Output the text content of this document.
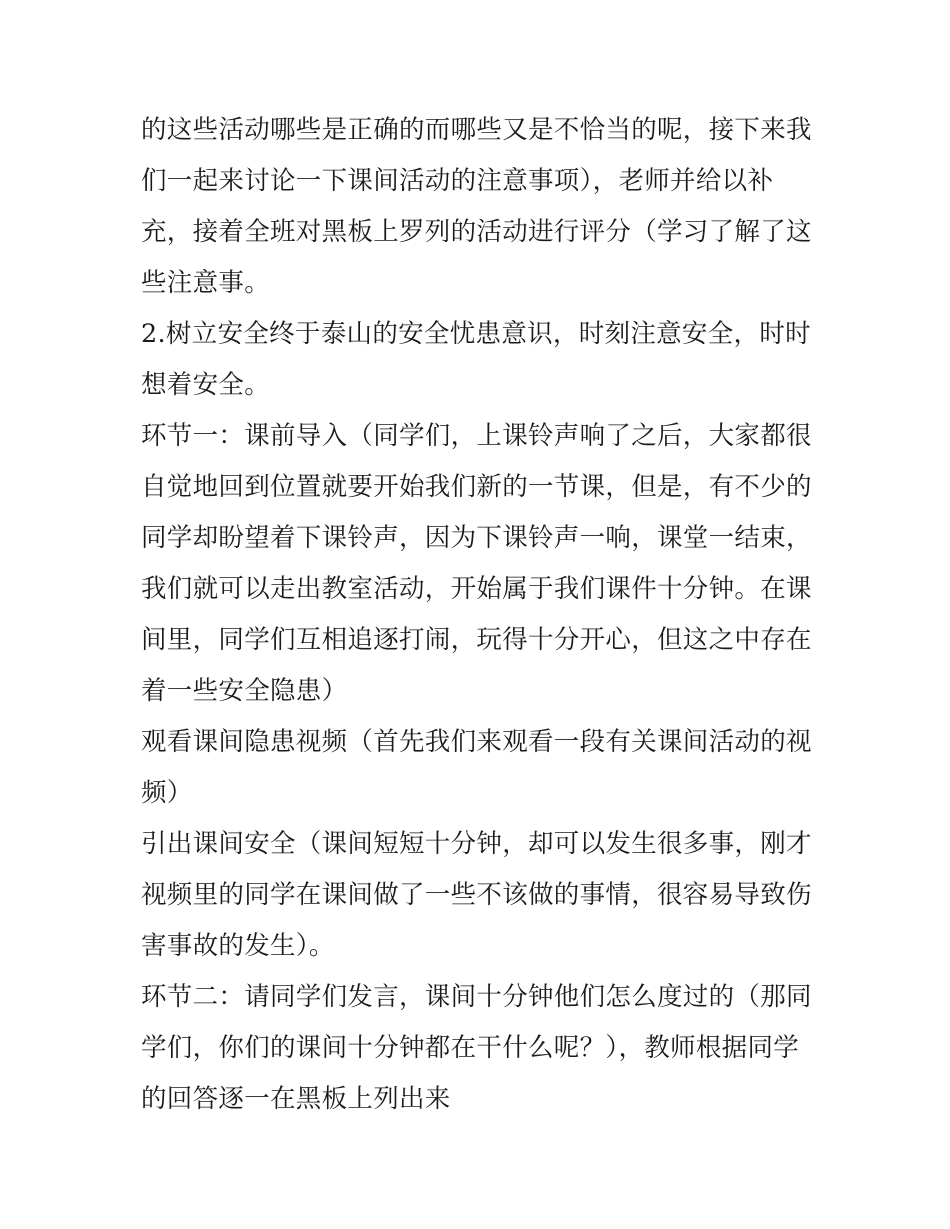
的这些活动哪些是正确的而哪些又是不恰当的呢，接下来我们一起来讨论一下课间活动的注意事项），老师并给以补充，接着全班对黑板上罗列的活动进行评分（学习了解了这些注意事。

2.树立安全终于泰山的安全忧患意识，时刻注意安全，时时想着安全。

环节一：课前导入（同学们，上课铃声响了之后，大家都很自觉地回到位置就要开始我们新的一节课，但是，有不少的同学却盼望着下课铃声，因为下课铃声一响，课堂一结束，我们就可以走出教室活动，开始属于我们课件十分钟。在课间里，同学们互相追逐打闹，玩得十分开心，但这之中存在着一些安全隐患）

观看课间隐患视频（首先我们来观看一段有关课间活动的视频）

引出课间安全（课间短短十分钟，却可以发生很多事，刚才视频里的同学在课间做了一些不该做的事情，很容易导致伤害事故的发生）。

环节二：请同学们发言，课间十分钟他们怎么度过的（那同学们，你们的课间十分钟都在干什么呢？），教师根据同学的回答逐一在黑板上列出来
